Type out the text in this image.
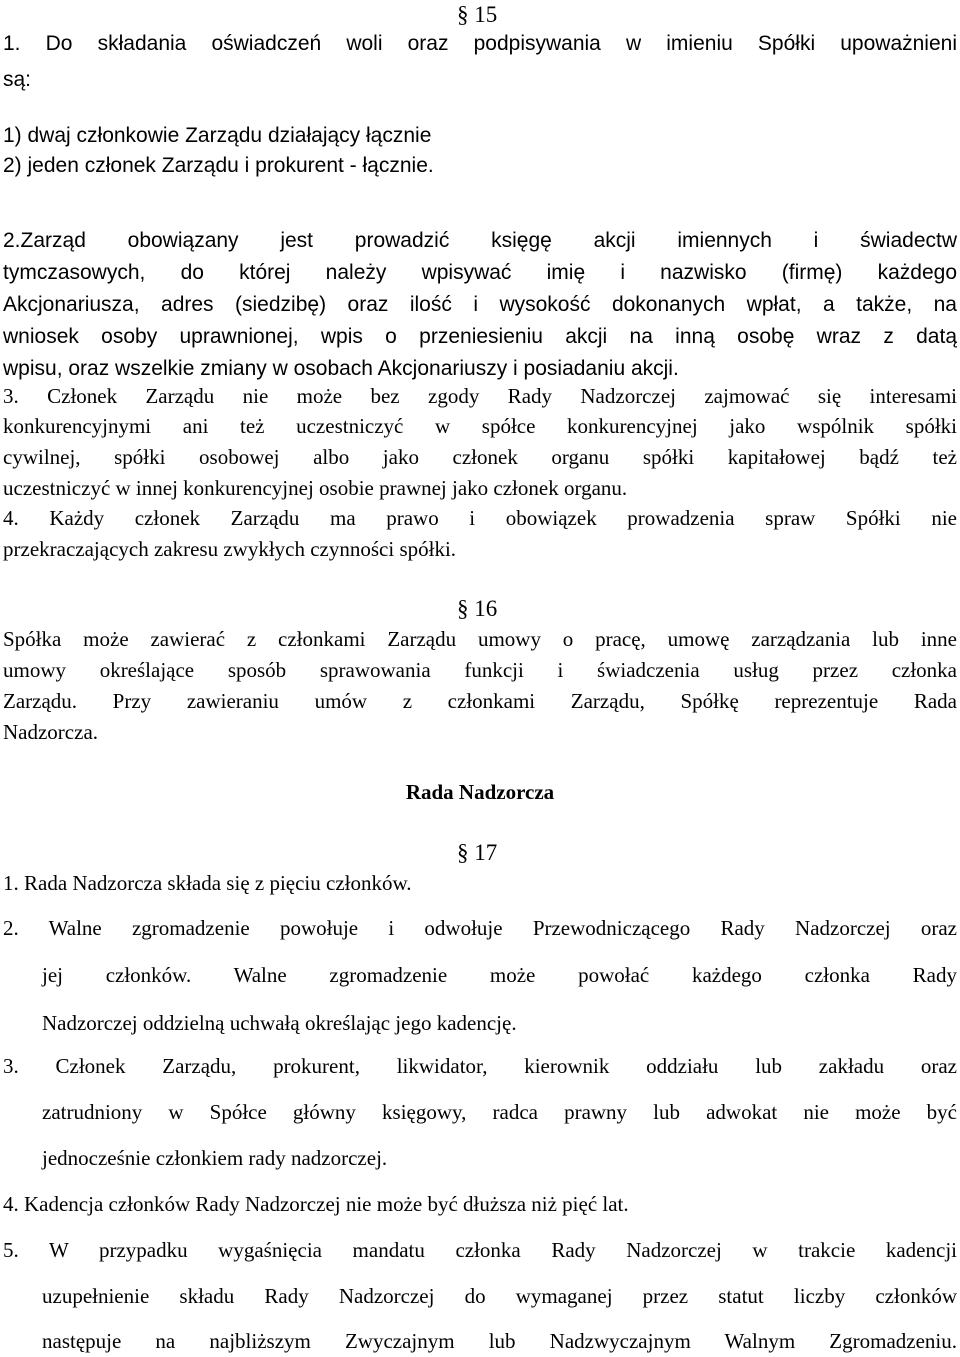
§ 15
1. Do składania oświadczeń woli oraz podpisywania w imieniu Spółki upoważnieni
są:
1) dwaj członkowie Zarządu działający łącznie
2) jeden członek Zarządu i prokurent - łącznie.
2.Zarząd obowiązany jest prowadzić księgę akcji imiennych i świadectw
tymczasowych, do której należy wpisywać imię i nazwisko (firmę) każdego
Akcjonariusza, adres (siedzibę) oraz ilość i wysokość dokonanych wpłat, a także, na
wniosek osoby uprawnionej, wpis o przeniesieniu akcji na inną osobę wraz z datą
wpisu, oraz wszelkie zmiany w osobach Akcjonariuszy i posiadaniu akcji.
3. Członek Zarządu nie może bez zgody Rady Nadzorczej zajmować się interesami
konkurencyjnymi ani też uczestniczyć w spółce konkurencyjnej jako wspólnik spółki
cywilnej, spółki osobowej albo jako członek organu spółki kapitałowej bądź też
uczestniczyć w innej konkurencyjnej osobie prawnej jako członek organu.
4. Każdy członek Zarządu ma prawo i obowiązek prowadzenia spraw Spółki nie
przekraczających zakresu zwykłych czynności spółki.
§ 16
Spółka może zawierać z członkami Zarządu umowy o pracę, umowę zarządzania lub inne
umowy określające sposób sprawowania funkcji i świadczenia usług przez członka
Zarządu. Przy zawieraniu umów z członkami Zarządu, Spółkę reprezentuje Rada
Nadzorcza.
Rada Nadzorcza
§ 17
1. Rada Nadzorcza składa się z pięciu członków.
2. Walne zgromadzenie powołuje i odwołuje Przewodniczącego Rady Nadzorczej oraz
jej członków. Walne zgromadzenie może powołać każdego członka Rady
Nadzorczej oddzielną uchwałą określając jego kadencję.
3. Członek Zarządu, prokurent, likwidator, kierownik oddziału lub zakładu oraz
zatrudniony w Spółce główny księgowy, radca prawny lub adwokat nie może być
jednocześnie członkiem rady nadzorczej.
4. Kadencja członków Rady Nadzorczej nie może być dłuższa niż pięć lat.
5. W przypadku wygaśnięcia mandatu członka Rady Nadzorczej w trakcie kadencji
uzupełnienie składu Rady Nadzorczej do wymaganej przez statut liczby członków
następuje na najbliższym Zwyczajnym lub Nadzwyczajnym Walnym Zgromadzeniu.
